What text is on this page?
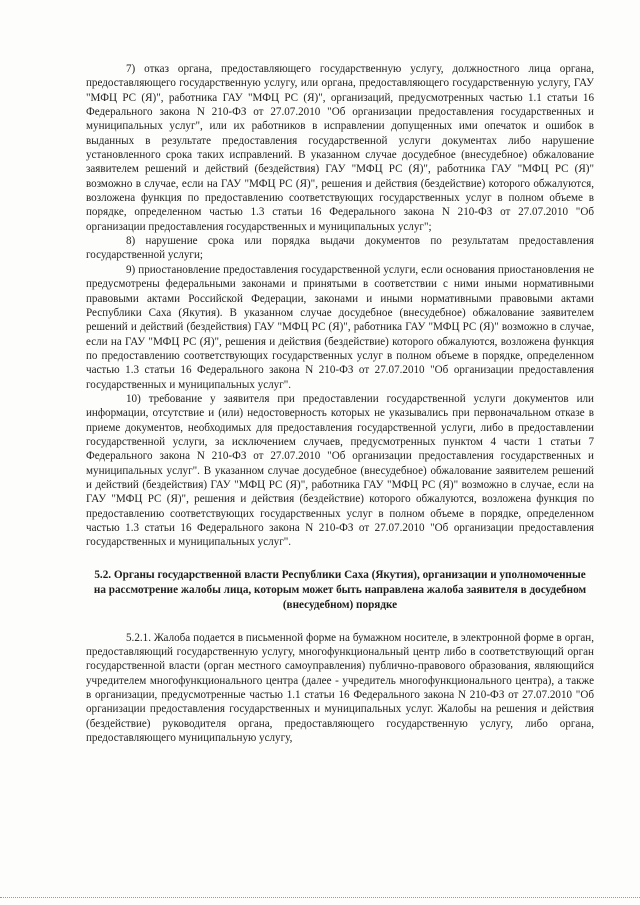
7) отказ органа, предоставляющего государственную услугу, должностного лица органа, предоставляющего государственную услугу, или органа, предоставляющего государственную услугу, ГАУ "МФЦ РС (Я)", работника ГАУ "МФЦ РС (Я)", организаций, предусмотренных частью 1.1 статьи 16 Федерального закона N 210-ФЗ от 27.07.2010 "Об организации предоставления государственных и муниципальных услуг", или их работников в исправлении допущенных ими опечаток и ошибок в выданных в результате предоставления государственной услуги документах либо нарушение установленного срока таких исправлений. В указанном случае досудебное (внесудебное) обжалование заявителем решений и действий (бездействия) ГАУ "МФЦ РС (Я)", работника ГАУ "МФЦ РС (Я)" возможно в случае, если на ГАУ "МФЦ РС (Я)", решения и действия (бездействие) которого обжалуются, возложена функция по предоставлению соответствующих государственных услуг в полном объеме в порядке, определенном частью 1.3 статьи 16 Федерального закона N 210-ФЗ от 27.07.2010 "Об организации предоставления государственных и муниципальных услуг";

8) нарушение срока или порядка выдачи документов по результатам предоставления государственной услуги;

9) приостановление предоставления государственной услуги, если основания приостановления не предусмотрены федеральными законами и принятыми в соответствии с ними иными нормативными правовыми актами Российской Федерации, законами и иными нормативными правовыми актами Республики Саха (Якутия). В указанном случае досудебное (внесудебное) обжалование заявителем решений и действий (бездействия) ГАУ "МФЦ РС (Я)", работника ГАУ "МФЦ РС (Я)" возможно в случае, если на ГАУ "МФЦ РС (Я)", решения и действия (бездействие) которого обжалуются, возложена функция по предоставлению соответствующих государственных услуг в полном объеме в порядке, определенном частью 1.3 статьи 16 Федерального закона N 210-ФЗ от 27.07.2010 "Об организации предоставления государственных и муниципальных услуг".

10) требование у заявителя при предоставлении государственной услуги документов или информации, отсутствие и (или) недостоверность которых не указывались при первоначальном отказе в приеме документов, необходимых для предоставления государственной услуги, либо в предоставлении государственной услуги, за исключением случаев, предусмотренных пунктом 4 части 1 статьи 7 Федерального закона N 210-ФЗ от 27.07.2010 "Об организации предоставления государственных и муниципальных услуг". В указанном случае досудебное (внесудебное) обжалование заявителем решений и действий (бездействия) ГАУ "МФЦ РС (Я)", работника ГАУ "МФЦ РС (Я)" возможно в случае, если на ГАУ "МФЦ РС (Я)", решения и действия (бездействие) которого обжалуются, возложена функция по предоставлению соответствующих государственных услуг в полном объеме в порядке, определенном частью 1.3 статьи 16 Федерального закона N 210-ФЗ от 27.07.2010 "Об организации предоставления государственных и муниципальных услуг".

5.2. Органы государственной власти Республики Саха (Якутия), организации и уполномоченные на рассмотрение жалобы лица, которым может быть направлена жалоба заявителя в досудебном (внесудебном) порядке

5.2.1. Жалоба подается в письменной форме на бумажном носителе, в электронной форме в орган, предоставляющий государственную услугу, многофункциональный центр либо в соответствующий орган государственной власти (орган местного самоуправления) публично-правового образования, являющийся учредителем многофункционального центра (далее - учредитель многофункционального центра), а также в организации, предусмотренные частью 1.1 статьи 16 Федерального закона N 210-ФЗ от 27.07.2010 "Об организации предоставления государственных и муниципальных услуг. Жалобы на решения и действия (бездействие) руководителя органа, предоставляющего государственную услугу, либо органа, предоставляющего муниципальную услугу,
